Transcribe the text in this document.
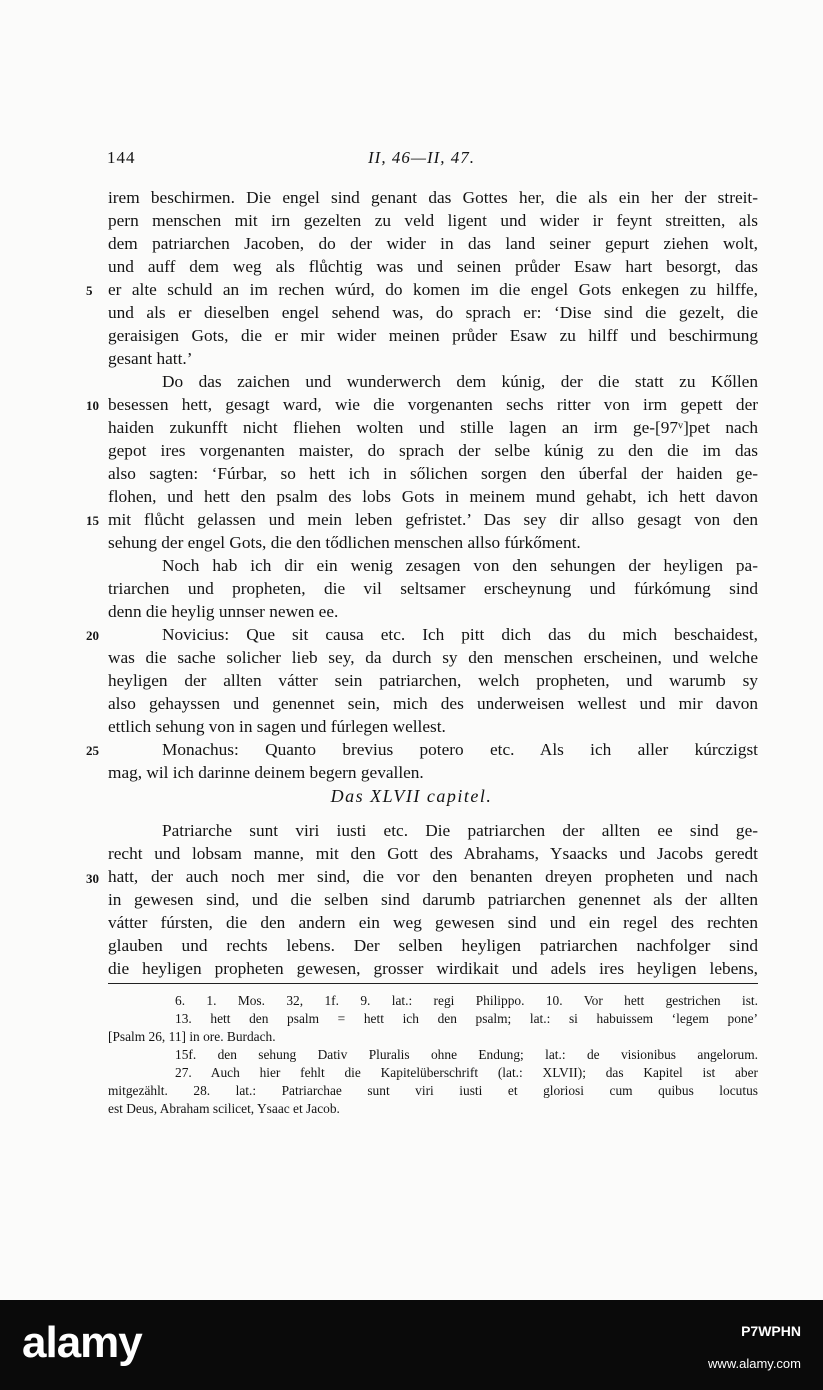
144	II, 46—II, 47.
irem beschirmen. Die engel sind genant das Gottes her, die als ein her der streit-
pern menschen mit irn gezelten zu veld ligent und wider ir feynt streitten, als
dem patriarchen Jacoben, do der wider in das land seiner gepurt ziehen wolt,
und auff dem weg als flůchtig was und seinen průder Esaw hart besorgt, das
er alte schuld an im rechen wúrd, do komen im die engel Gots enkegen zu hilffe,
und als er dieselben engel sehend was, do sprach er: ‘Dise sind die gezelt, die
geraisigen Gots, die er mir wider meinen průder Esaw zu hilff und beschirmung
gesant hatt.’
Do das zaichen und wunderwerch dem kúnig, der die statt zu Kőllen
besessen hett, gesagt ward, wie die vorgenanten sechs ritter von irm gepett der
haiden zukunfft nicht fliehen wolten und stille lagen an irm ge-[97ᵛ]pet nach
gepot ires vorgenanten maister, do sprach der selbe kúnig zu den die im das
also sagten: ‘Fúrbar, so hett ich in sőlichen sorgen den úberfal der haiden ge-
flohen, und hett den psalm des lobs Gots in meinem mund gehabt, ich hett davon
mit flůcht gelassen und mein leben gefristet.’ Das sey dir allso gesagt von den
sehung der engel Gots, die den tődlichen menschen allso fúrkőment.
Noch hab ich dir ein wenig zesagen von den sehungen der heyligen pa-
triarchen und propheten, die vil seltsamer erscheynung und fúrkómung sind
denn die heylig unnser newen ee.
Novicius: Que sit causa etc. Ich pitt dich das du mich beschaidest,
was die sache solicher lieb sey, da durch sy den menschen erscheinen, und welche
heyligen der allten vátter sein patriarchen, welch propheten, und warumb sy
also gehayssen und genennet sein, mich des underweisen wellest und mir davon
ettlich sehung von in sagen und fúrlegen wellest.
Monachus: Quanto brevius potero etc. Als ich aller kúrczigst
mag, wil ich darinne deinem begern gevallen.
5
10
15
20
25
30
Das XLVII capitel.
Patriarche sunt viri iusti etc. Die patriarchen der allten ee sind ge-
recht und lobsam manne, mit den Gott des Abrahams, Ysaacks und Jacobs geredt
hatt, der auch noch mer sind, die vor den benanten dreyen propheten und nach
in gewesen sind, und die selben sind darumb patriarchen genennet als der allten
vátter fúrsten, die den andern ein weg gewesen sind und ein regel des rechten
glauben und rechts lebens. Der selben heyligen patriarchen nachfolger sind
die heyligen propheten gewesen, grosser wirdikait und adels ires heyligen lebens,
6. 1. Mos. 32, 1f. 9. lat.: regi Philippo. 10. Vor hett gestrichen ist.
13. hett den psalm = hett ich den psalm; lat.: si habuissem ‘legem pone’
[Psalm 26, 11] in ore. Burdach.
15f. den sehung Dativ Pluralis ohne Endung; lat.: de visionibus angelorum.
27. Auch hier fehlt die Kapitelüberschrift (lat.: XLVII); das Kapitel ist aber
mitgezählt. 28. lat.: Patriarchae sunt viri iusti et gloriosi cum quibus locutus
est Deus, Abraham scilicet, Ysaac et Jacob.
alamy	P7WPHN
www.alamy.com
